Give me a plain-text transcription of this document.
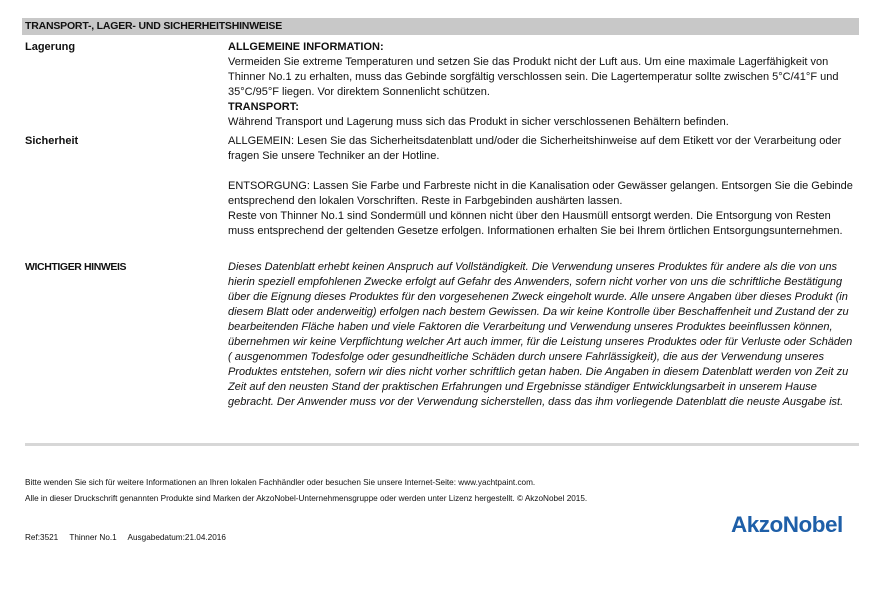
TRANSPORT-, LAGER- UND SICHERHEITSHINWEISE
Lagerung	ALLGEMEINE INFORMATION:

Vermeiden Sie extreme Temperaturen und setzen Sie das Produkt nicht der Luft aus. Um eine maximale Lagerfähigkeit von Thinner No.1 zu erhalten, muss das Gebinde sorgfältig verschlossen sein. Die Lagertemperatur sollte zwischen 5°C/41°F und 35°C/95°F liegen. Vor direktem Sonnenlicht schützen.

TRANSPORT:

Während Transport und Lagerung muss sich das Produkt in sicher verschlossenen Behältern befinden.

Sicherheit	ALLGEMEIN: Lesen Sie das Sicherheitsdatenblatt und/oder die Sicherheitshinweise auf dem Etikett vor der Verarbeitung oder fragen Sie unsere Techniker an der Hotline.

ENTSORGUNG: Lassen Sie Farbe und Farbreste nicht in die Kanalisation oder Gewässer gelangen. Entsorgen Sie die Gebinde entsprechend den lokalen Vorschriften. Reste in Farbgebinden aushärten lassen.

Reste von Thinner No.1 sind Sondermüll und können nicht über den Hausmüll entsorgt werden. Die Entsorgung von Resten muss entsprechend der geltenden Gesetze erfolgen. Informationen erhalten Sie bei Ihrem örtlichen Entsorgungsunternehmen.

WICHTIGER HINWEIS	Dieses Datenblatt erhebt keinen Anspruch auf Vollständigkeit. Die Verwendung unseres Produktes für andere als die von uns hierin speziell empfohlenen Zwecke erfolgt auf Gefahr des Anwenders, sofern nicht vorher von uns die schriftliche Bestätigung über die Eignung dieses Produktes für den vorgesehenen Zweck eingeholt wurde. Alle unsere Angaben über dieses Produkt (in diesem Blatt oder anderweitig) erfolgen nach bestem Gewissen. Da wir keine Kontrolle über Beschaffenheit und Zustand der zu bearbeitenden Fläche haben und viele Faktoren die Verarbeitung und Verwendung unseres Produktes beeinflussen können, übernehmen wir keine Verpflichtung welcher Art auch immer, für die Leistung unseres Produktes oder für Verluste oder Schäden ( ausgenommen Todesfolge oder gesundheitliche Schäden durch unsere Fahrlässigkeit), die aus der Verwendung unseres Produktes entstehen, sofern wir dies nicht vorher schriftlich getan haben. Die Angaben in diesem Datenblatt werden von Zeit zu Zeit auf den neusten Stand der praktischen Erfahrungen und Ergebnisse ständiger Entwicklungsarbeit in unserem Hause gebracht. Der Anwender muss vor der Verwendung sicherstellen, dass das ihm vorliegende Datenblatt die neuste Ausgabe ist.

Bitte wenden Sie sich für weitere Informationen an Ihren lokalen Fachhändler oder besuchen Sie unsere Internet-Seite: www.yachtpaint.com.
Alle in dieser Druckschrift genannten Produkte sind Marken der AkzoNobel-Unternehmensgruppe oder werden unter Lizenz hergestellt. © AkzoNobel 2015.
Ref:3521 Thinner No.1 Ausgabedatum:21.04.2016
AkzoNobel
